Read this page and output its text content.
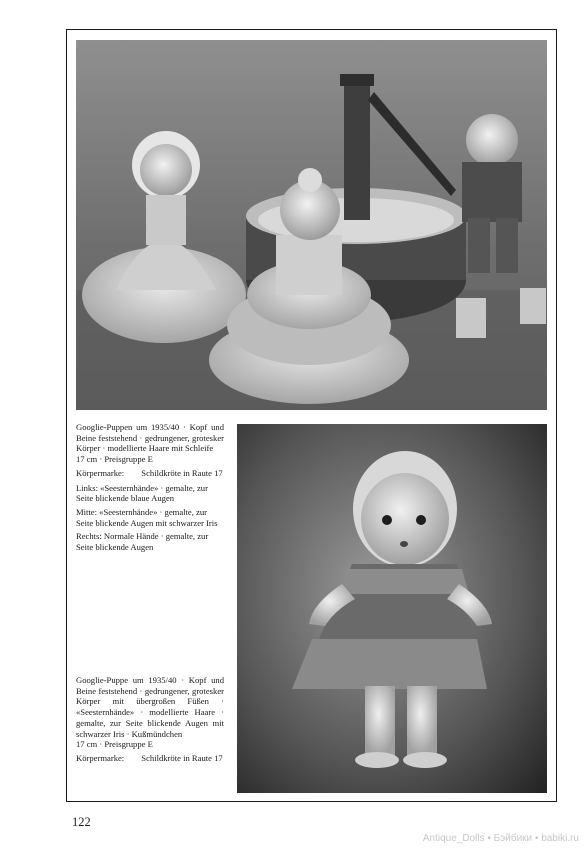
Googlie-Puppen um 1935/40 · Kopf und Beine feststehend · gedrungener, grotesker Körper · modellierte Haare mit Schleife

17 cm · Preisgruppe E

Körpermarke: Schildkröte in Raute 17

Links: «Seesternhände» · gemalte, zur Seite blickende blaue Augen

Mitte: «Seesternhände» · gemalte, zur Seite blickende Augen mit schwarzer Iris

Rechts: Normale Hände · gemalte, zur Seite blickende Augen

Googlie-Puppe um 1935/40 · Kopf und Beine feststehend · gedrungener, grotesker Körper mit übergroßen Füßen · «Seesternhände» · modellierte Haare · gemalte, zur Seite blickende Augen mit schwarzer Iris · Kußmündchen

17 cm · Preisgruppe E

Körpermarke: Schildkröte in Raute 17
122
Antique_Dolls • Бэйбики • babiki.ru
